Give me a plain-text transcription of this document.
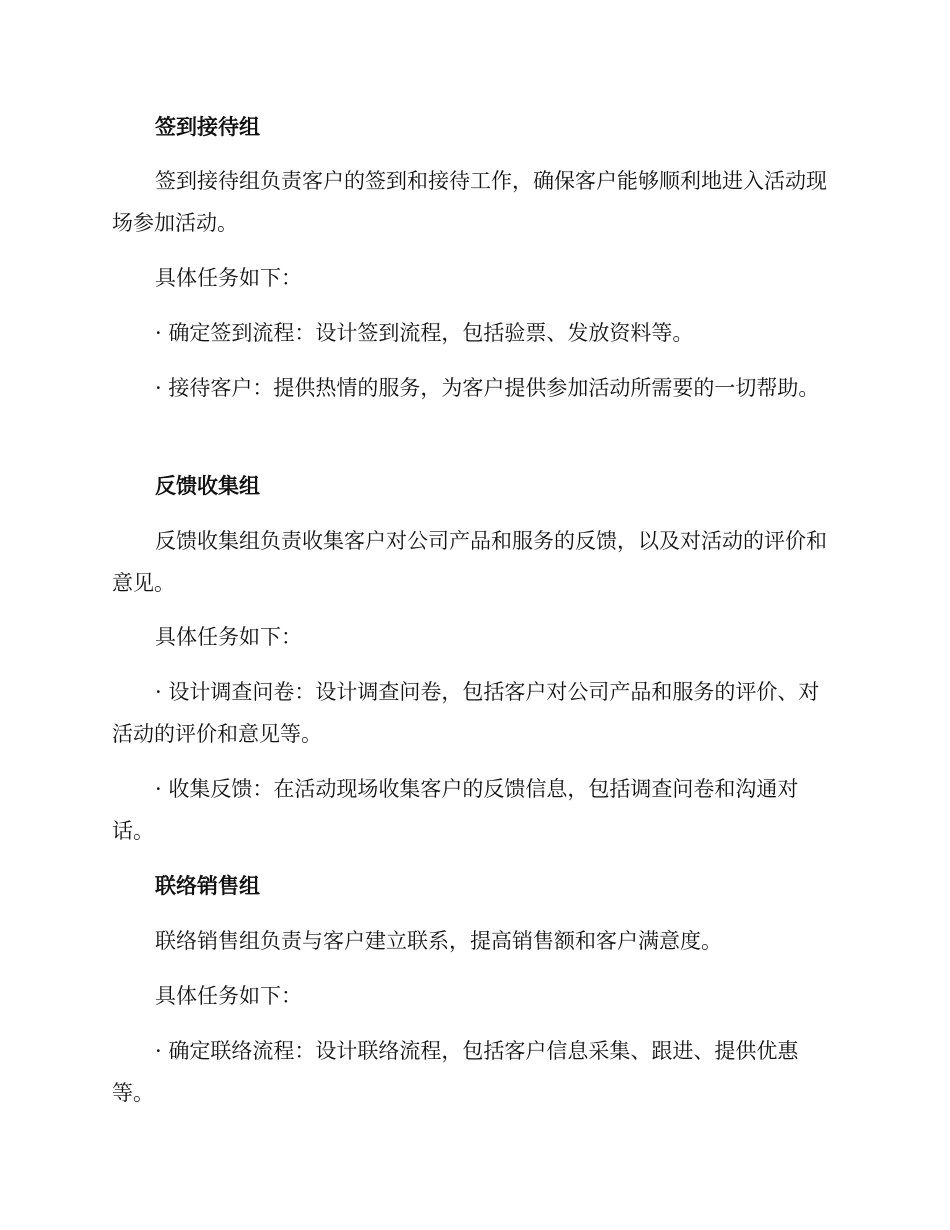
签到接待组

签到接待组负责客户的签到和接待工作，确保客户能够顺利地进入活动现场参加活动。

具体任务如下：

· 确定签到流程：设计签到流程，包括验票、发放资料等。

· 接待客户：提供热情的服务，为客户提供参加活动所需要的一切帮助。

反馈收集组

反馈收集组负责收集客户对公司产品和服务的反馈，以及对活动的评价和意见。

具体任务如下：

· 设计调查问卷：设计调查问卷，包括客户对公司产品和服务的评价、对活动的评价和意见等。

· 收集反馈：在活动现场收集客户的反馈信息，包括调查问卷和沟通对话。

联络销售组

联络销售组负责与客户建立联系，提高销售额和客户满意度。

具体任务如下：

· 确定联络流程：设计联络流程，包括客户信息采集、跟进、提供优惠等。
